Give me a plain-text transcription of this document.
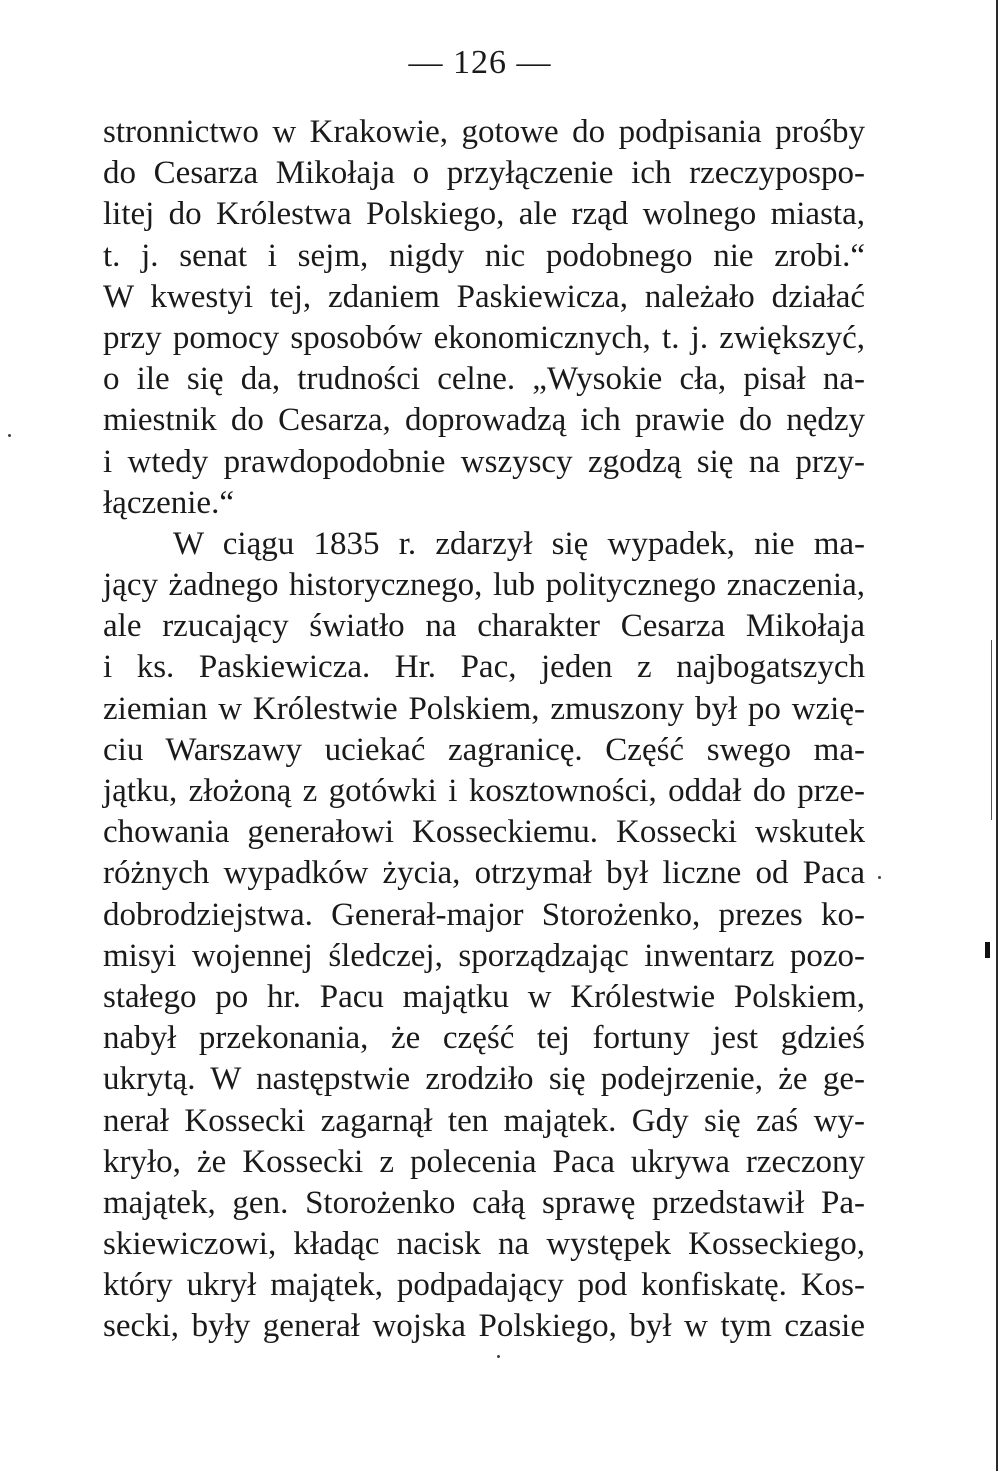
— 126 —
stronnictwo w Krakowie, gotowe do podpisania prośby
do Cesarza Mikołaja o przyłączenie ich rzeczypospo-
litej do Królestwa Polskiego, ale rząd wolnego miasta,
t. j. senat i sejm, nigdy nic podobnego nie zrobi.“
W kwestyi tej, zdaniem Paskiewicza, należało działać
przy pomocy sposobów ekonomicznych, t. j. zwiększyć,
o ile się da, trudności celne. „Wysokie cła, pisał na-
miestnik do Cesarza, doprowadzą ich prawie do nędzy
i wtedy prawdopodobnie wszyscy zgodzą się na przy-
łączenie.“
W ciągu 1835 r. zdarzył się wypadek, nie ma-
jący żadnego historycznego, lub politycznego znaczenia,
ale rzucający światło na charakter Cesarza Mikołaja
i ks. Paskiewicza. Hr. Pac, jeden z najbogatszych
ziemian w Królestwie Polskiem, zmuszony był po wzię-
ciu Warszawy uciekać zagranicę. Część swego ma-
jątku, złożoną z gotówki i kosztowności, oddał do prze-
chowania generałowi Kosseckiemu. Kossecki wskutek
różnych wypadków życia, otrzymał był liczne od Paca
dobrodziejstwa. Generał-major Storożenko, prezes ko-
misyi wojennej śledczej, sporządzając inwentarz pozo-
stałego po hr. Pacu majątku w Królestwie Polskiem,
nabył przekonania, że część tej fortuny jest gdzieś
ukrytą. W następstwie zrodziło się podejrzenie, że ge-
nerał Kossecki zagarnął ten majątek. Gdy się zaś wy-
kryło, że Kossecki z polecenia Paca ukrywa rzeczony
majątek, gen. Storożenko całą sprawę przedstawił Pa-
skiewiczowi, kładąc nacisk na występek Kosseckiego,
który ukrył majątek, podpadający pod konfiskatę. Kos-
secki, były generał wojska Polskiego, był w tym czasie
